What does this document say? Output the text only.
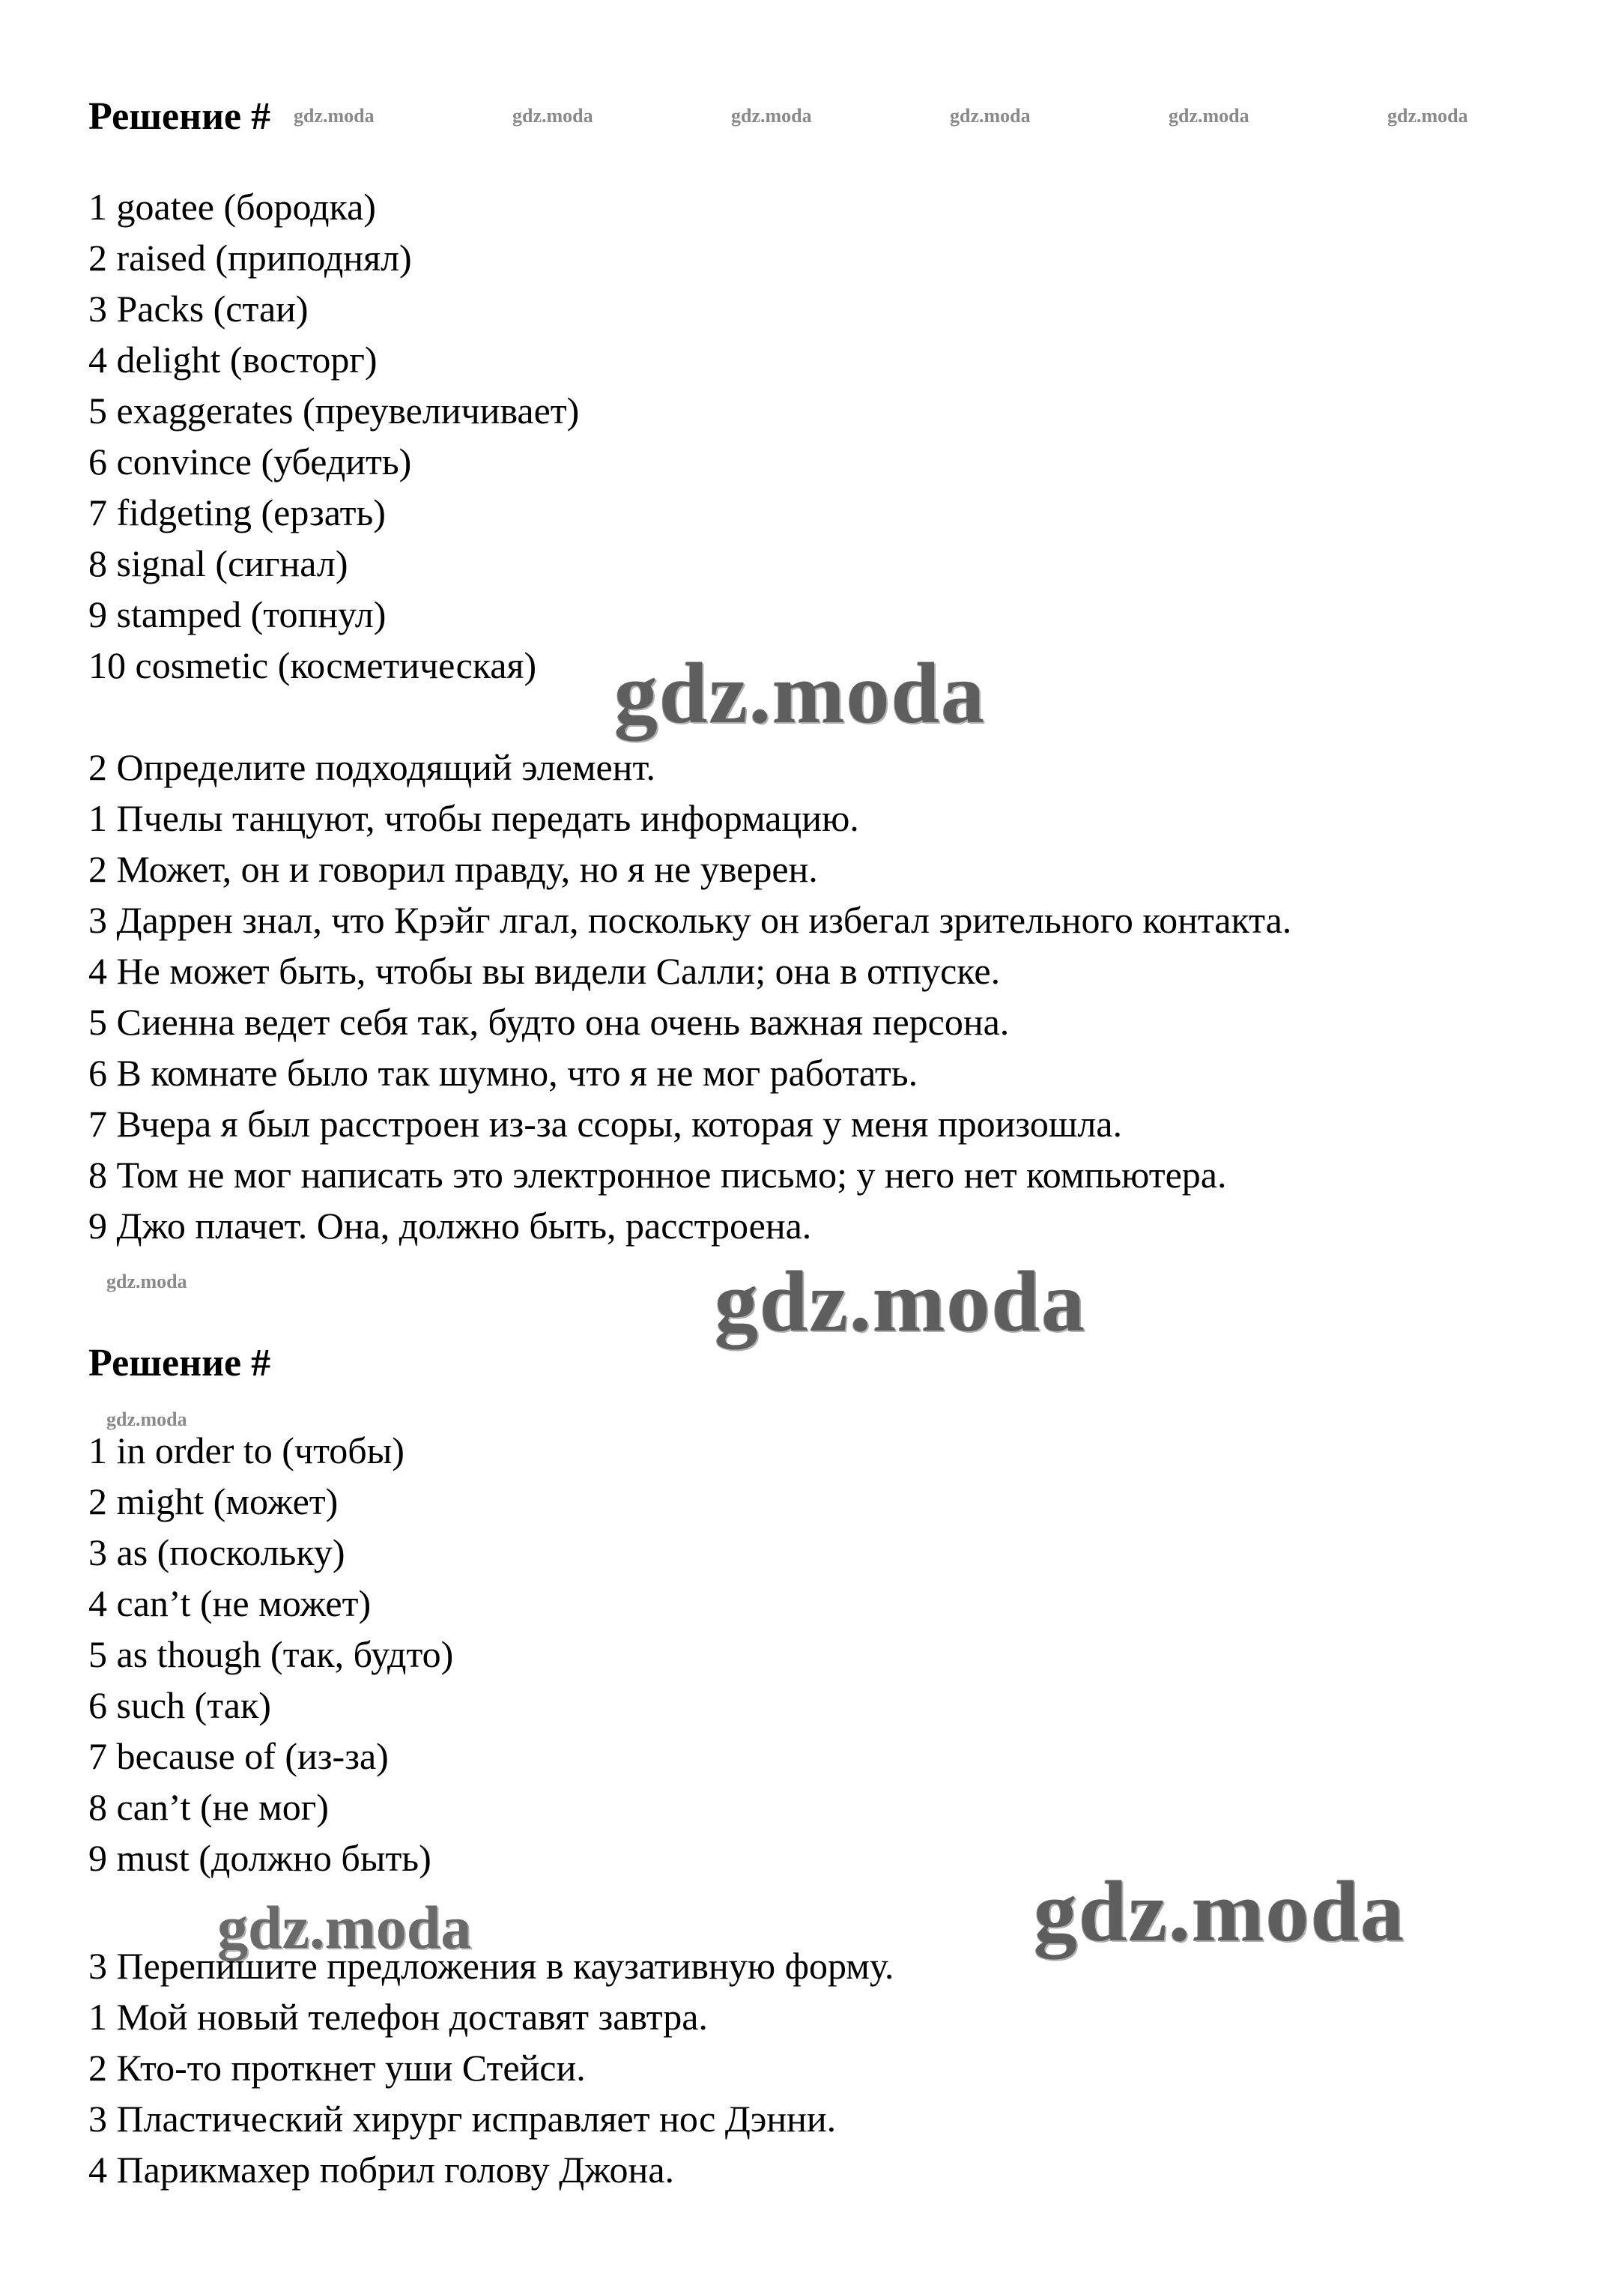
Решение # gdz.moda	gdz.moda	gdz.moda	gdz.moda	gdz.moda	gdz.moda
1 goatee (бородка)
2 raised (приподнял)
3 Packs (стаи)
4 delight (восторг)
5 exaggerates (преувеличивает)
6 convince (убедить)
7 fidgeting (ерзать)
8 signal (сигнал)
9 stamped (топнул)
10 cosmetic (косметическая) gdz.moda
2 Определите подходящий элемент.
1 Пчелы танцуют, чтобы передать информацию.
2 Может, он и говорил правду, но я не уверен.
3 Даррен знал, что Крэйг лгал, поскольку он избегал зрительного контакта.
4 Не может быть, чтобы вы видели Салли; она в отпуске.
5 Сиенна ведет себя так, будто она очень важная персона.
6 В комнате было так шумно, что я не мог работать.
7 Вчера я был расстроен из-за ссоры, которая у меня произошла.
8 Том не мог написать это электронное письмо; у него нет компьютера.
9 Джо плачет. Она, должно быть, расстроена.
gdz.moda	gdz.moda
Решение #
gdz.moda
1 in order to (чтобы)
2 might (может)
3 as (поскольку)
4 can’t (не может)
5 as though (так, будто)
6 such (так)
7 because of (из-за)
8 can’t (не мог)
9 must (должно быть)
gdz.moda	gdz.moda
3 Перепишите предложения в каузативную форму.
1 Мой новый телефон доставят завтра.
2 Кто-то проткнет уши Стейси.
3 Пластический хирург исправляет нос Дэнни.
4 Парикмахер побрил голову Джона.
